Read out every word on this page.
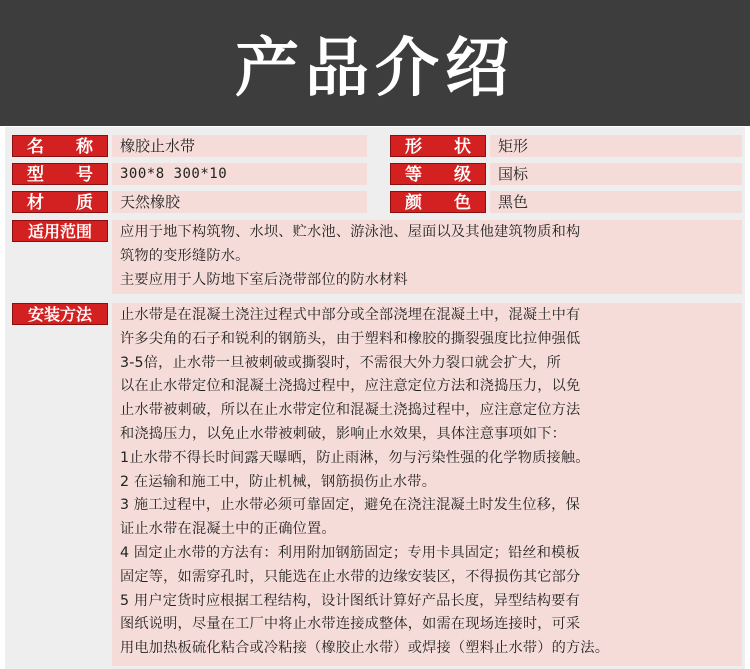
产品介绍
名 称	橡胶止水带	形 状	矩形
型 号	300*8 300*10	等 级	国标
材 质	天然橡胶	颜 色	黑色
适用范围	应用于地下构筑物、水坝、贮水池、游泳池、屋面以及其他建筑物质和构

筑物的变形缝防水。

主要应用于人防地下室后浇带部位的防水材料

安装方法	止水带是在混凝土浇注过程式中部分或全部浇埋在混凝土中，混凝土中有

许多尖角的石子和锐利的钢筋头，由于塑料和橡胶的撕裂强度比拉伸强低

3-5倍，止水带一旦被刺破或撕裂时，不需很大外力裂口就会扩大，所

以在止水带定位和混凝土浇捣过程中，应注意定位方法和浇捣压力，以免

止水带被刺破，所以在止水带定位和混凝土浇捣过程中，应注意定位方法

和浇捣压力，以免止水带被刺破，影响止水效果，具体注意事项如下：

1止水带不得长时间露天曝晒，防止雨淋，勿与污染性强的化学物质接触。

2 在运输和施工中，防止机械，钢筋损伤止水带。

3 施工过程中，止水带必须可靠固定，避免在浇注混凝土时发生位移，保

证止水带在混凝土中的正确位置。

4 固定止水带的方法有：利用附加钢筋固定；专用卡具固定；铅丝和模板

固定等，如需穿孔时，只能选在止水带的边缘安装区，不得损伤其它部分

5 用户定货时应根据工程结构，设计图纸计算好产品长度，异型结构要有

图纸说明，尽量在工厂中将止水带连接成整体，如需在现场连接时，可采

用电加热板硫化粘合或冷粘接（橡胶止水带）或焊接（塑料止水带）的方法。
